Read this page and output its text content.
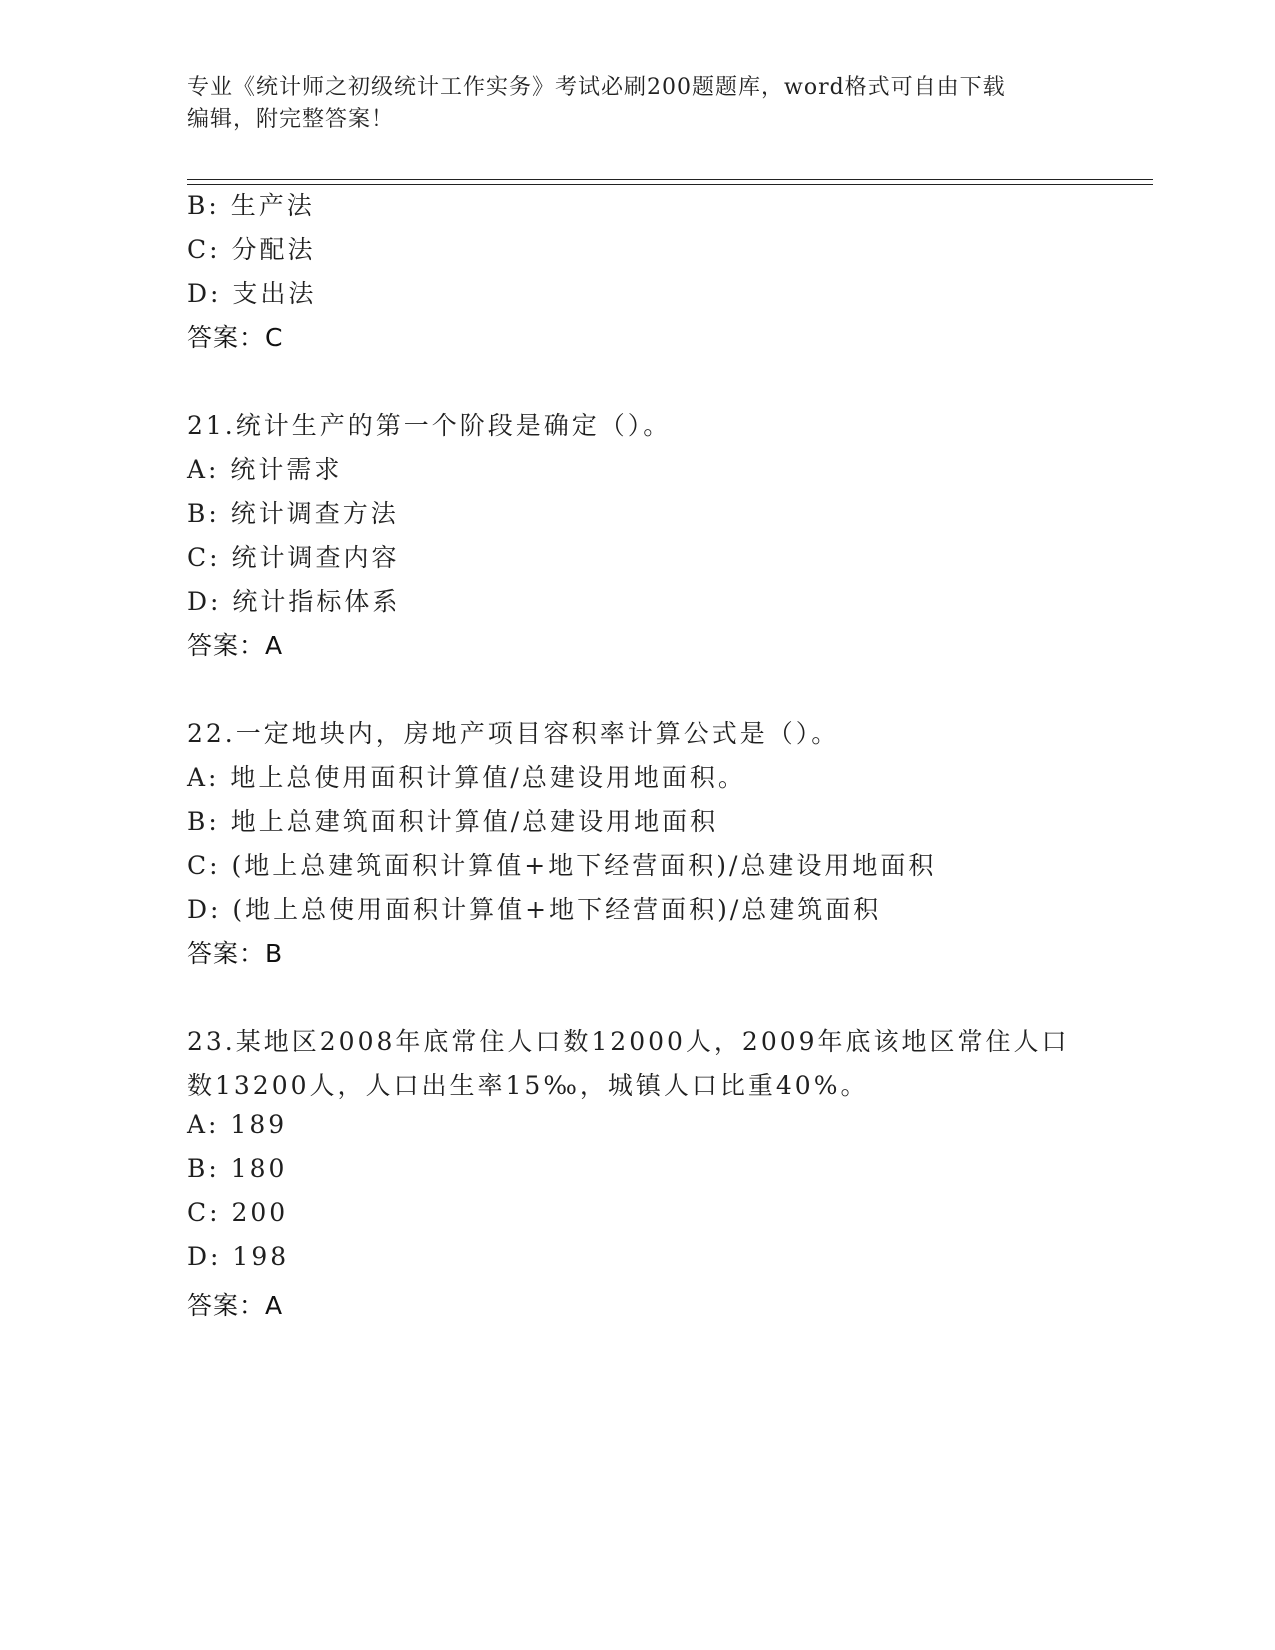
专业《统计师之初级统计工作实务》考试必刷200题题库，word格式可自由下载
编辑，附完整答案！
B: 生产法
C: 分配法
D: 支出法
答案：C
21.统计生产的第一个阶段是确定（）。
A: 统计需求
B: 统计调查方法
C: 统计调查内容
D: 统计指标体系
答案：A
22.一定地块内，房地产项目容积率计算公式是（）。
A: 地上总使用面积计算值/总建设用地面积。
B: 地上总建筑面积计算值/总建设用地面积
C: (地上总建筑面积计算值+地下经营面积)/总建设用地面积
D: (地上总使用面积计算值+地下经营面积)/总建筑面积
答案：B
23.某地区2008年底常住人口数12000人，2009年底该地区常住人口
数13200人，人口出生率15‰，城镇人口比重40%。
A: 189
B: 180
C: 200
D: 198
答案：A
